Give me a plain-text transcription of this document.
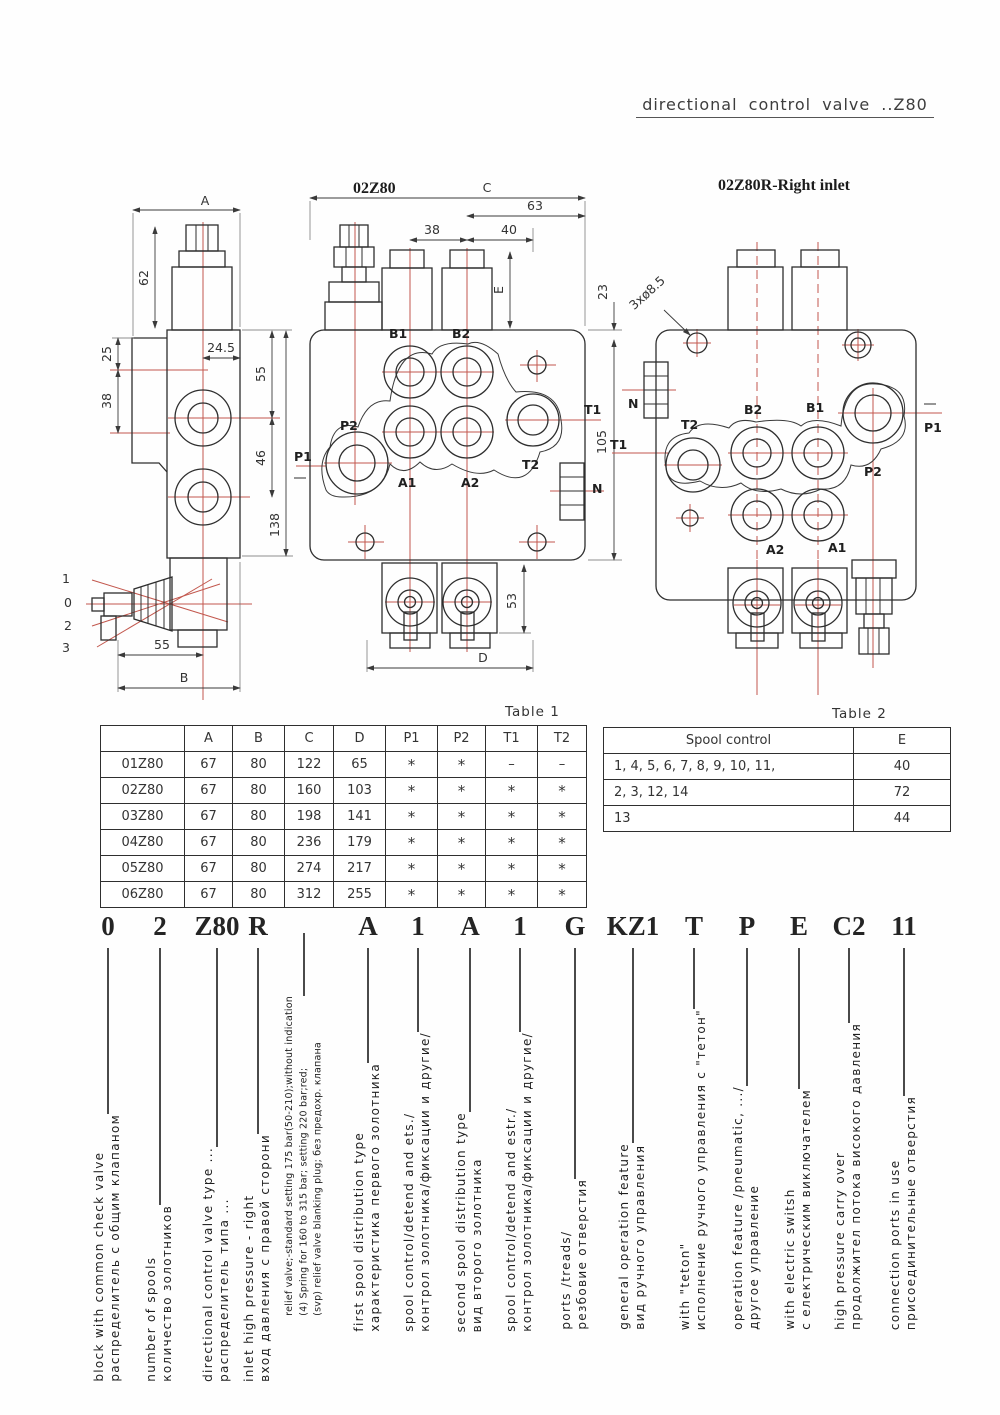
directional control valve ..Z80
A
62
25
38
24.5
55
46
138
55
B
1
0
2
3
02Z80	C
63
38	40
E	23
105
53
D
B1	B2
A1	A2
P2
P1
T1
T2
N
02Z80R-Right inlet
3xø8.5
N
T1
T2
B2	B1
P1
P2
A2	A1
Table 1
	A	B	C	D	P1	P2	T1	T2
01Z80	67	80	122	65	*	*	–	–
02Z80	67	80	160	103	*	*	*	*
03Z80	67	80	198	141	*	*	*	*
04Z80	67	80	236	179	*	*	*	*
05Z80	67	80	274	217	*	*	*	*
06Z80	67	80	312	255	*	*	*	*
Table 2
Spool control	E
1, 4, 5, 6, 7, 8, 9, 10, 11,	40
2, 3, 12, 14	72
13	44
0
block with common check valve распределитель с общим клапаном
2
number of spools количество золотников
Z80
directional control valve type ... распределитель типа ...
R
inlet high pressure - right вход давления с правой сторони relief valve;-standard setting 175 bar(50-210);without indication (4) Spring for 160 to 315 bar; setting 220 bar;red; (svp) relief valve blanking plug; без предохр. клапана
A
first spool distribution type характеристика первого золотника
1
spool control/detend and ets./ контрол золотника/фиксации и другие/
A
second spool distribution type вид второго золотника
1
spool control/detend and estr./ контрол золотника/фиксации и другие/
G
ports /treads/ резбовие отверстия
KZ1
general operation feature вид ручного управления
T
with "teton" исполнение ручного управления с "тетон"
P
operation feature /pneumatic, .../ другое управление
E
with electric switsh с електрическим виключателем
C2
high pressure carry over продолжител потока високого давления
11
connection ports in use присоединительные отверстия
